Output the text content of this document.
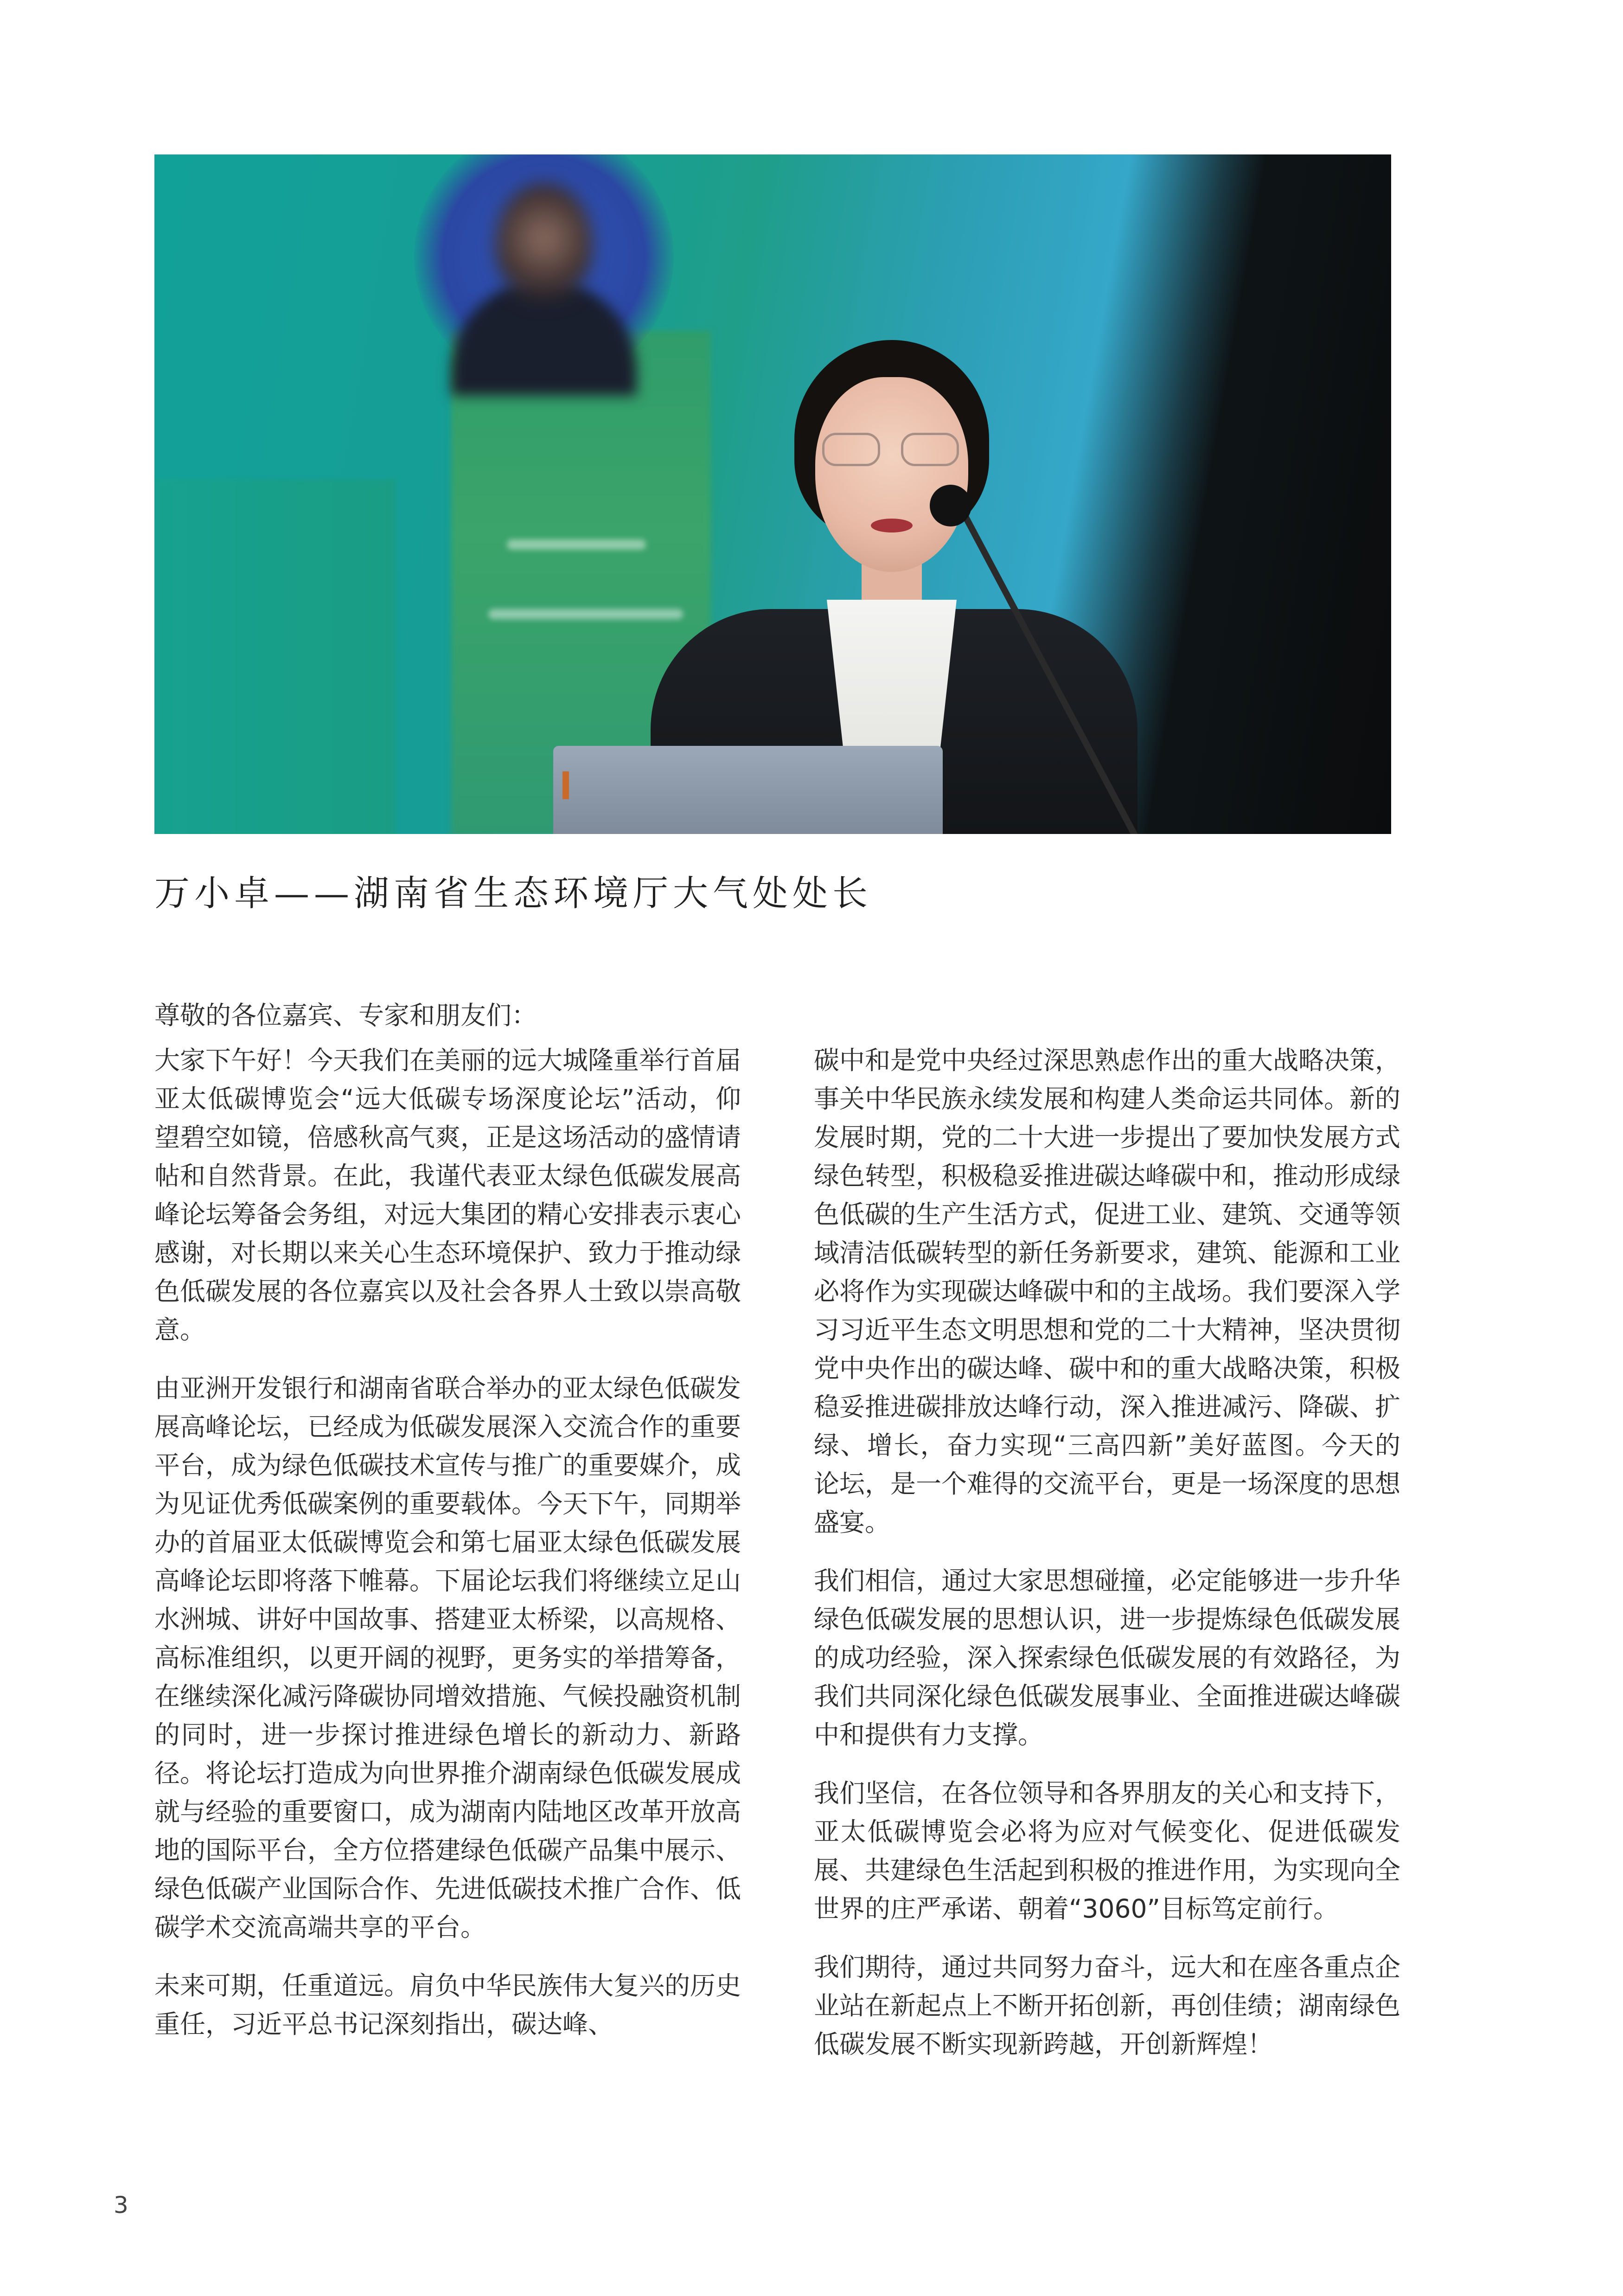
万小卓——湖南省生态环境厅大气处处长

尊敬的各位嘉宾、专家和朋友们：

大家下午好！今天我们在美丽的远大城隆重举行首届亚太低碳博览会“远大低碳专场深度论坛”活动，仰望碧空如镜，倍感秋高气爽，正是这场活动的盛情请帖和自然背景。在此，我谨代表亚太绿色低碳发展高峰论坛筹备会务组，对远大集团的精心安排表示衷心感谢，对长期以来关心生态环境保护、致力于推动绿色低碳发展的各位嘉宾以及社会各界人士致以崇高敬意。

由亚洲开发银行和湖南省联合举办的亚太绿色低碳发展高峰论坛，已经成为低碳发展深入交流合作的重要平台，成为绿色低碳技术宣传与推广的重要媒介，成为见证优秀低碳案例的重要载体。今天下午，同期举办的首届亚太低碳博览会和第七届亚太绿色低碳发展高峰论坛即将落下帷幕。下届论坛我们将继续立足山水洲城、讲好中国故事、搭建亚太桥梁，以高规格、高标准组织，以更开阔的视野，更务实的举措筹备，在继续深化减污降碳协同增效措施、气候投融资机制的同时，进一步探讨推进绿色增长的新动力、新路径。将论坛打造成为向世界推介湖南绿色低碳发展成就与经验的重要窗口，成为湖南内陆地区改革开放高地的国际平台，全方位搭建绿色低碳产品集中展示、绿色低碳产业国际合作、先进低碳技术推广合作、低碳学术交流高端共享的平台。

未来可期，任重道远。肩负中华民族伟大复兴的历史重任，习近平总书记深刻指出，碳达峰、

碳中和是党中央经过深思熟虑作出的重大战略决策，事关中华民族永续发展和构建人类命运共同体。新的发展时期，党的二十大进一步提出了要加快发展方式绿色转型，积极稳妥推进碳达峰碳中和，推动形成绿色低碳的生产生活方式，促进工业、建筑、交通等领域清洁低碳转型的新任务新要求，建筑、能源和工业必将作为实现碳达峰碳中和的主战场。我们要深入学习习近平生态文明思想和党的二十大精神，坚决贯彻党中央作出的碳达峰、碳中和的重大战略决策，积极稳妥推进碳排放达峰行动，深入推进减污、降碳、扩绿、增长，奋力实现“三高四新”美好蓝图。今天的论坛，是一个难得的交流平台，更是一场深度的思想盛宴。

我们相信，通过大家思想碰撞，必定能够进一步升华绿色低碳发展的思想认识，进一步提炼绿色低碳发展的成功经验，深入探索绿色低碳发展的有效路径，为我们共同深化绿色低碳发展事业、全面推进碳达峰碳中和提供有力支撑。

我们坚信，在各位领导和各界朋友的关心和支持下，亚太低碳博览会必将为应对气候变化、促进低碳发展、共建绿色生活起到积极的推进作用，为实现向全世界的庄严承诺、朝着“3060”目标笃定前行。

我们期待，通过共同努力奋斗，远大和在座各重点企业站在新起点上不断开拓创新，再创佳绩；湖南绿色低碳发展不断实现新跨越，开创新辉煌！

3
